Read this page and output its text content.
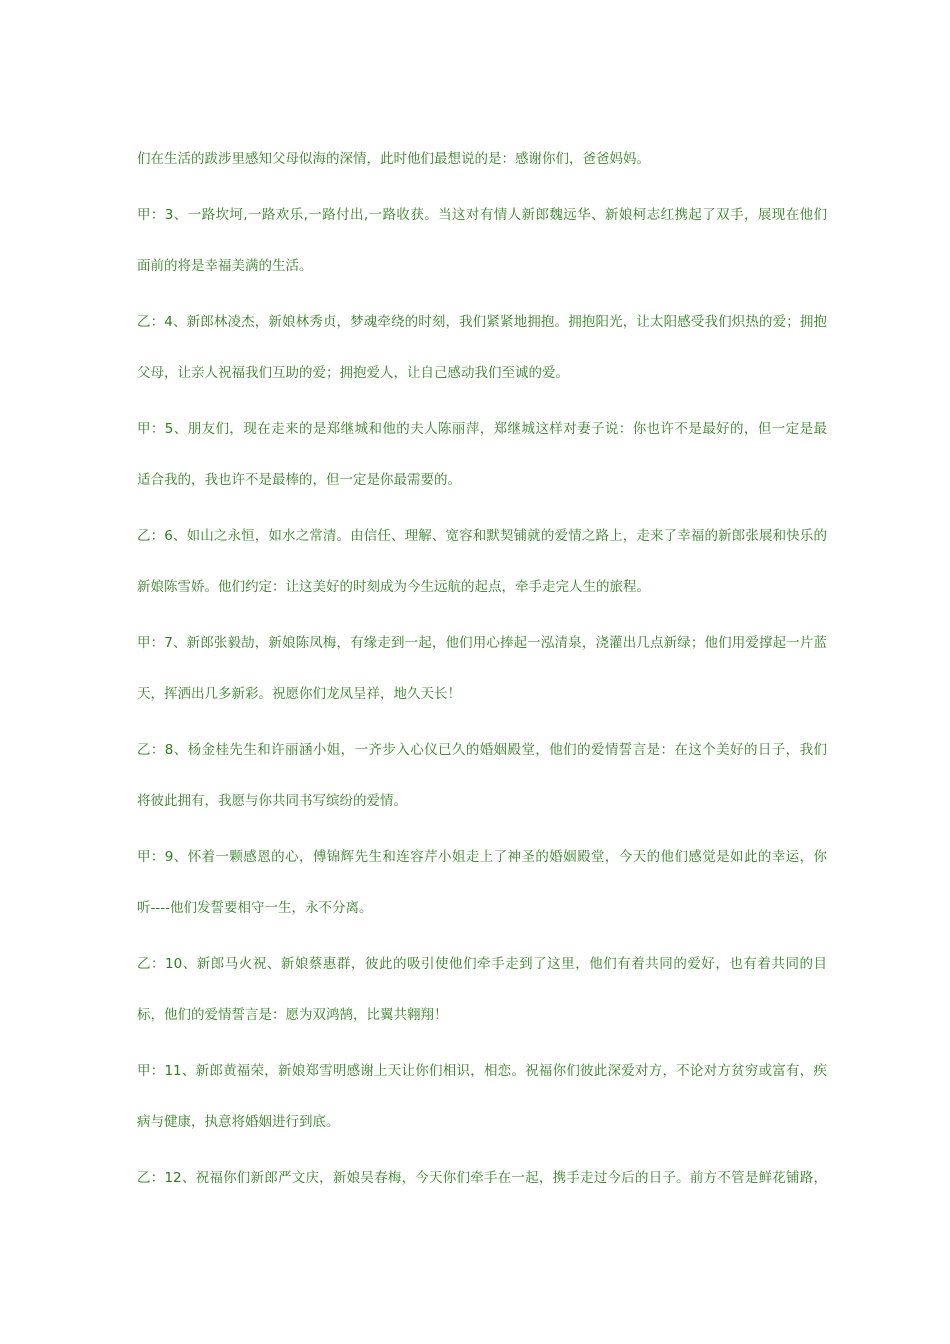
们在生活的跋涉里感知父母似海的深情，此时他们最想说的是：感谢你们，爸爸妈妈。
甲：3、一路坎坷,一路欢乐,一路付出,一路收获。当这对有情人新郎魏远华、新娘柯志红携起了双手，展现在他们
面前的将是幸福美满的生活。
乙：4、新郎林凌杰，新娘林秀贞，梦魂牵绕的时刻，我们紧紧地拥抱。拥抱阳光，让太阳感受我们炽热的爱；拥抱
父母，让亲人祝福我们互助的爱；拥抱爱人，让自己感动我们至诚的爱。
甲：5、朋友们，现在走来的是郑继城和他的夫人陈丽萍，郑继城这样对妻子说：你也许不是最好的，但一定是最
适合我的，我也许不是最棒的，但一定是你最需要的。
乙：6、如山之永恒，如水之常清。由信任、理解、宽容和默契铺就的爱情之路上，走来了幸福的新郎张展和快乐的
新娘陈雪娇。他们约定：让这美好的时刻成为今生远航的起点，牵手走完人生的旅程。
甲：7、新郎张毅劼，新娘陈凤梅，有缘走到一起，他们用心捧起一泓清泉，浇灌出几点新绿；他们用爱撑起一片蓝
天，挥洒出几多新彩。祝愿你们龙凤呈祥，地久天长！
乙：8、杨金桂先生和许丽涵小姐，一齐步入心仪已久的婚姻殿堂，他们的爱情誓言是：在这个美好的日子，我们
将彼此拥有，我愿与你共同书写缤纷的爱情。
甲：9、怀着一颗感恩的心，傅锦辉先生和连容芹小姐走上了神圣的婚姻殿堂，今天的他们感觉是如此的幸运，你
听----他们发誓要相守一生，永不分离。
乙：10、新郎马火祝、新娘蔡惠群，彼此的吸引使他们牵手走到了这里，他们有着共同的爱好，也有着共同的目
标，他们的爱情誓言是：愿为双鸿鹄，比翼共翱翔！
甲：11、新郎黄福荣，新娘郑雪明感谢上天让你们相识，相恋。祝福你们彼此深爱对方，不论对方贫穷或富有，疾
病与健康，执意将婚姻进行到底。
乙：12、祝福你们新郎严文庆，新娘吴春梅，今天你们牵手在一起，携手走过今后的日子。前方不管是鲜花铺路，
